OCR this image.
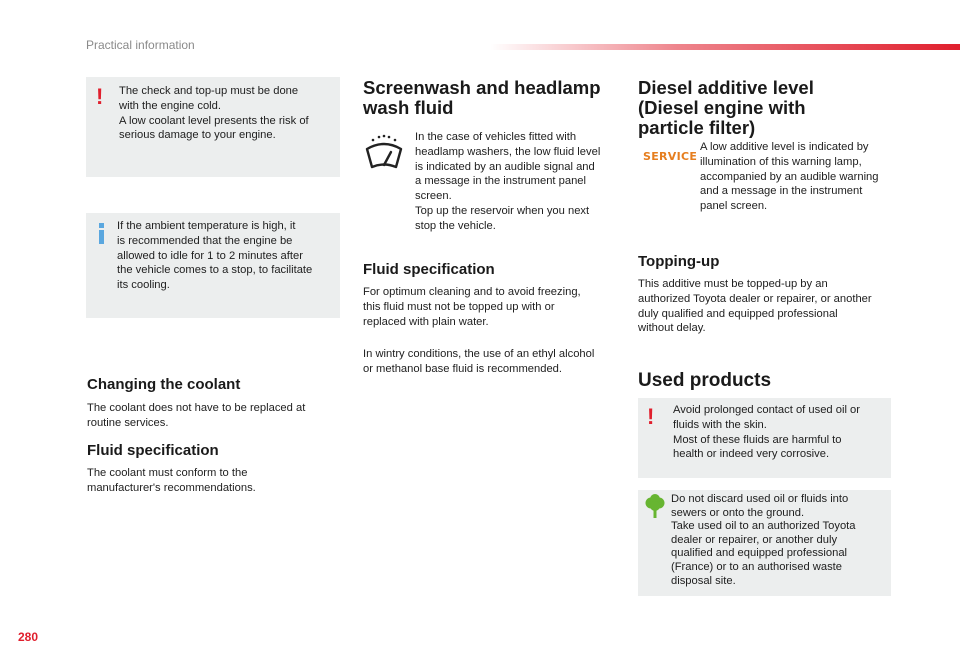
Practical information
280
! The check and top-up must be done
with the engine cold.
A low coolant level presents the risk of
serious damage to your engine.
If the ambient temperature is high, it
is recommended that the engine be
allowed to idle for 1 to 2 minutes after
the vehicle comes to a stop, to facilitate
its cooling.
Changing the coolant
The coolant does not have to be replaced at
routine services.
Fluid specification
The coolant must conform to the
manufacturer's recommendations.
Screenwash and headlamp
wash fluid
In the case of vehicles fitted with
headlamp washers, the low fluid level
is indicated by an audible signal and
a message in the instrument panel
screen.
Top up the reservoir when you next
stop the vehicle.
Fluid specification
For optimum cleaning and to avoid freezing,
this fluid must not be topped up with or
replaced with plain water.
In wintry conditions, the use of an ethyl alcohol
or methanol base fluid is recommended.
Diesel additive level
(Diesel engine with
particle filter)
SERVICE
A low additive level is indicated by
illumination of this warning lamp,
accompanied by an audible warning
and a message in the instrument
panel screen.
Topping-up
This additive must be topped-up by an
authorized Toyota dealer or repairer, or another
duly qualified and equipped professional
without delay.
Used products
! Avoid prolonged contact of used oil or
fluids with the skin.
Most of these fluids are harmful to
health or indeed very corrosive.
Do not discard used oil or fluids into
sewers or onto the ground.
Take used oil to an authorized Toyota
dealer or repairer, or another duly
qualified and equipped professional
(France) or to an authorised waste
disposal site.
